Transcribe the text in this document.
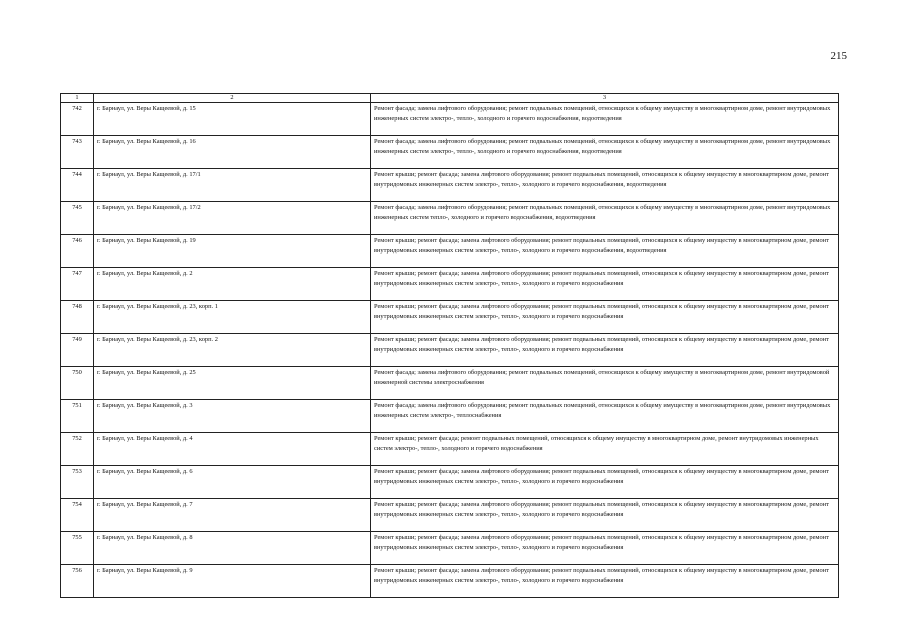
215
1	2	3
742	г. Барнаул, ул. Веры Кащеевой, д. 15	Ремонт фасада; замена лифтового оборудования; ремонт подвальных помещений, относящихся к общему имуществу в многоквартирном доме, ремонт внутридомовых инженерных систем электро-, тепло-, холодного и горячего водоснабжения, водоотведения
743	г. Барнаул, ул. Веры Кащеевой, д. 16	Ремонт фасада; замена лифтового оборудования; ремонт подвальных помещений, относящихся к общему имуществу в многоквартирном доме, ремонт внутридомовых инженерных систем электро-, тепло-, холодного и горячего водоснабжения, водоотведения
744	г. Барнаул, ул. Веры Кащеевой, д. 17/1	Ремонт крыши; ремонт фасада; замена лифтового оборудования; ремонт подвальных помещений, относящихся к общему имуществу в многоквартирном доме, ремонт внутридомовых инженерных систем электро-, тепло-, холодного и горячего водоснабжения, водоотведения
745	г. Барнаул, ул. Веры Кащеевой, д. 17/2	Ремонт фасада; замена лифтового оборудования; ремонт подвальных помещений, относящихся к общему имуществу в многоквартирном доме, ремонт внутридомовых инженерных систем тепло-, холодного и горячего водоснабжения, водоотведения
746	г. Барнаул, ул. Веры Кащеевой, д. 19	Ремонт крыши; ремонт фасада; замена лифтового оборудования; ремонт подвальных помещений, относящихся к общему имуществу в многоквартирном доме, ремонт внутридомовых инженерных систем электро-, тепло-, холодного и горячего водоснабжения, водоотведения
747	г. Барнаул, ул. Веры Кащеевой, д. 2	Ремонт крыши; ремонт фасада; замена лифтового оборудования; ремонт подвальных помещений, относящихся к общему имуществу в многоквартирном доме, ремонт внутридомовых инженерных систем электро-, тепло-, холодного и горячего водоснабжения
748	г. Барнаул, ул. Веры Кащеевой, д. 23, корп. 1	Ремонт крыши; ремонт фасада; замена лифтового оборудования; ремонт подвальных помещений, относящихся к общему имуществу в многоквартирном доме, ремонт внутридомовых инженерных систем электро-, тепло-, холодного и горячего водоснабжения
749	г. Барнаул, ул. Веры Кащеевой, д. 23, корп. 2	Ремонт крыши; ремонт фасада; замена лифтового оборудования; ремонт подвальных помещений, относящихся к общему имуществу в многоквартирном доме, ремонт внутридомовых инженерных систем электро-, тепло-, холодного и горячего водоснабжения
750	г. Барнаул, ул. Веры Кащеевой, д. 25	Ремонт фасада; замена лифтового оборудования; ремонт подвальных помещений, относящихся к общему имуществу в многоквартирном доме, ремонт внутридомовой инженерной системы электроснабжения
751	г. Барнаул, ул. Веры Кащеевой, д. 3	Ремонт фасада; замена лифтового оборудования; ремонт подвальных помещений, относящихся к общему имуществу в многоквартирном доме, ремонт внутридомовых инженерных систем электро-, теплоснабжения
752	г. Барнаул, ул. Веры Кащеевой, д. 4	Ремонт крыши; ремонт фасада; ремонт подвальных помещений, относящихся к общему имуществу в многоквартирном доме, ремонт внутридомовых инженерных систем электро-, тепло-, холодного и горячего водоснабжения
753	г. Барнаул, ул. Веры Кащеевой, д. 6	Ремонт крыши; ремонт фасада; замена лифтового оборудования; ремонт подвальных помещений, относящихся к общему имуществу в многоквартирном доме, ремонт внутридомовых инженерных систем электро-, тепло-, холодного и горячего водоснабжения
754	г. Барнаул, ул. Веры Кащеевой, д. 7	Ремонт крыши; ремонт фасада; замена лифтового оборудования; ремонт подвальных помещений, относящихся к общему имуществу в многоквартирном доме, ремонт внутридомовых инженерных систем электро-, тепло-, холодного и горячего водоснабжения
755	г. Барнаул, ул. Веры Кащеевой, д. 8	Ремонт крыши; ремонт фасада; замена лифтового оборудования; ремонт подвальных помещений, относящихся к общему имуществу в многоквартирном доме, ремонт внутридомовых инженерных систем электро-, тепло-, холодного и горячего водоснабжения
756	г. Барнаул, ул. Веры Кащеевой, д. 9	Ремонт крыши; ремонт фасада; замена лифтового оборудования; ремонт подвальных помещений, относящихся к общему имуществу в многоквартирном доме, ремонт внутридомовых инженерных систем электро-, тепло-, холодного и горячего водоснабжения
